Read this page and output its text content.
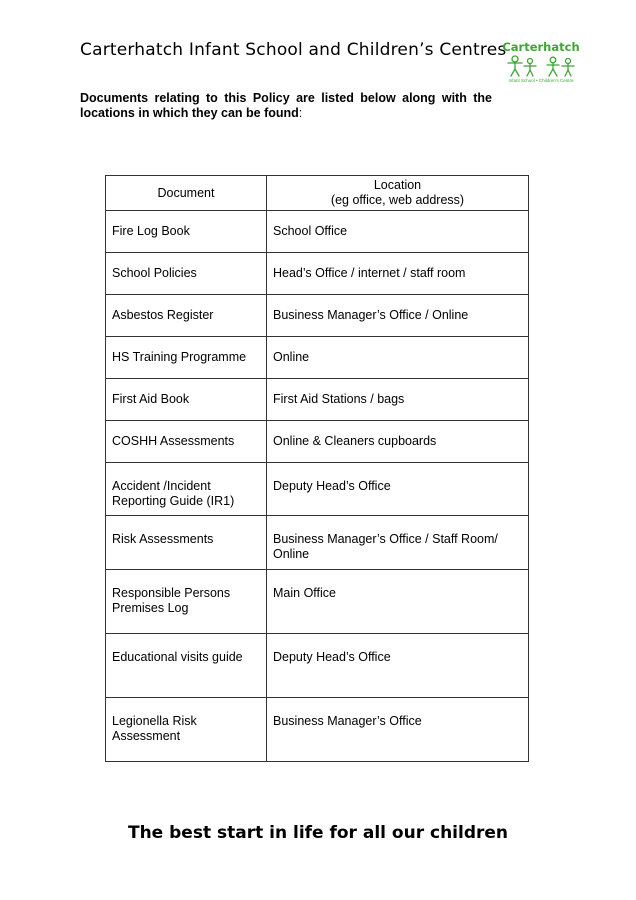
Carterhatch Infant School and Children’s Centres
Carterhatch
Infant School • Children's Centre
Documents relating to this Policy are listed below along with the locations in which they can be found:
Document	Location
(eg office, web address)
Fire Log Book	School Office
School Policies	Head’s Office / internet / staff room
Asbestos Register	Business Manager’s Office / Online
HS Training Programme	Online
First Aid Book	First Aid Stations / bags
COSHH Assessments	Online & Cleaners cupboards
Accident /Incident Reporting Guide (IR1)	Deputy Head’s Office
Risk Assessments	Business Manager’s Office / Staff Room/ Online
Responsible Persons Premises Log	Main Office
Educational visits guide	Deputy Head’s Office
Legionella Risk Assessment	Business Manager’s Office
The best start in life for all our children
